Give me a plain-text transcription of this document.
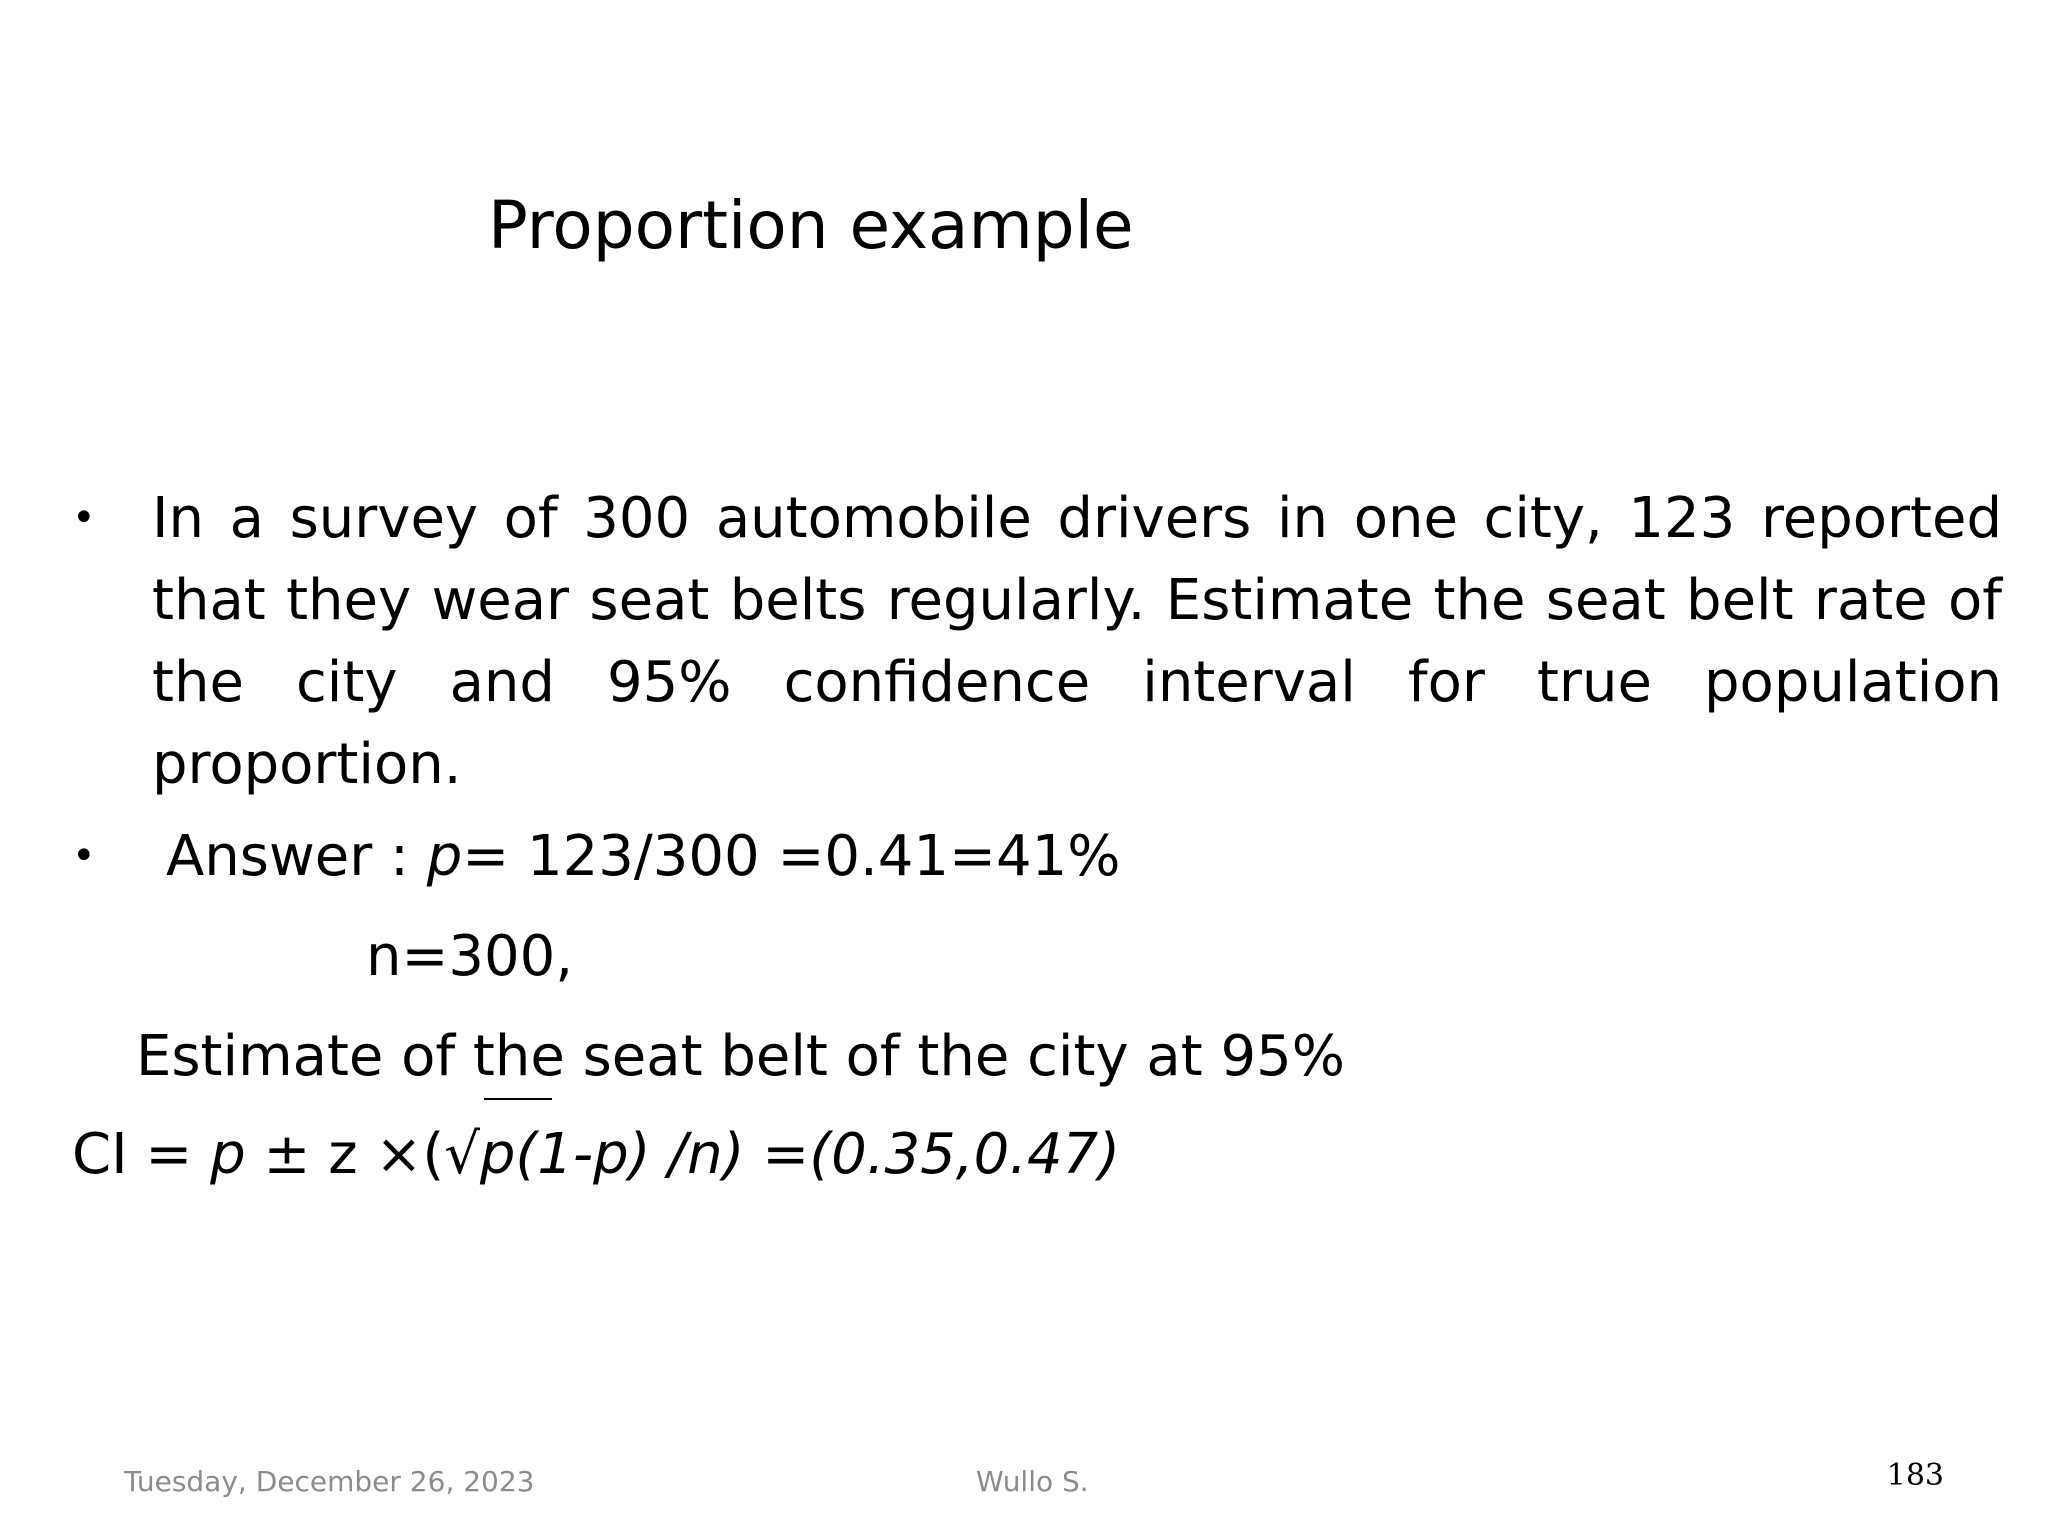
Proportion example
• In a survey of 300 automobile drivers in one city, 123 reported that they wear seat belts regularly. Estimate the seat belt rate of the city and 95% confidence interval for true population proportion.
• Answer : p= 123/300 =0.41=41%
n=300,
Estimate of the seat belt of the city at 95%
CI = p ± z ×(√p(1-p) /n) =(0.35,0.47)
Tuesday, December 26, 2023	Wullo S.	183
